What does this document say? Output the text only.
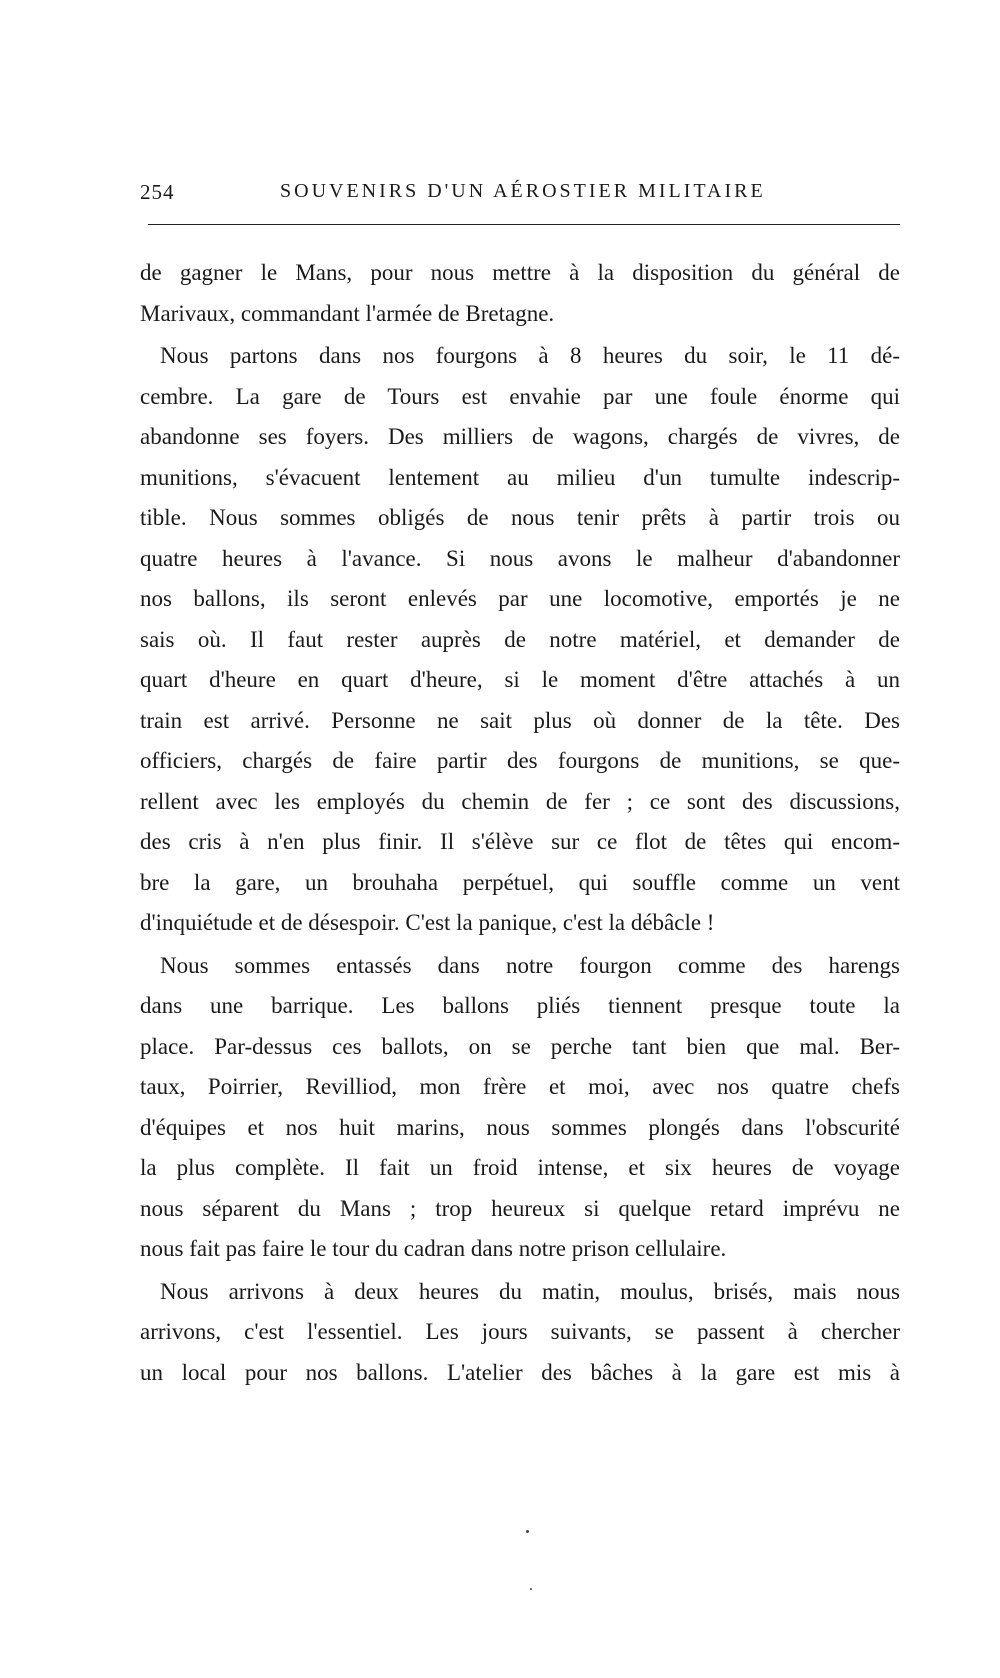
254	SOUVENIRS D'UN AÉROSTIER MILITAIRE
de gagner le Mans, pour nous mettre à la disposition du général de
Marivaux, commandant l'armée de Bretagne.
Nous partons dans nos fourgons à 8 heures du soir, le 11 dé-
cembre. La gare de Tours est envahie par une foule énorme qui
abandonne ses foyers. Des milliers de wagons, chargés de vivres, de
munitions, s'évacuent lentement au milieu d'un tumulte indescrip-
tible. Nous sommes obligés de nous tenir prêts à partir trois ou
quatre heures à l'avance. Si nous avons le malheur d'abandonner
nos ballons, ils seront enlevés par une locomotive, emportés je ne
sais où. Il faut rester auprès de notre matériel, et demander de
quart d'heure en quart d'heure, si le moment d'être attachés à un
train est arrivé. Personne ne sait plus où donner de la tête. Des
officiers, chargés de faire partir des fourgons de munitions, se que-
rellent avec les employés du chemin de fer ; ce sont des discussions,
des cris à n'en plus finir. Il s'élève sur ce flot de têtes qui encom-
bre la gare, un brouhaha perpétuel, qui souffle comme un vent
d'inquiétude et de désespoir. C'est la panique, c'est la débâcle !
Nous sommes entassés dans notre fourgon comme des harengs
dans une barrique. Les ballons pliés tiennent presque toute la
place. Par-dessus ces ballots, on se perche tant bien que mal. Ber-
taux, Poirrier, Revilliod, mon frère et moi, avec nos quatre chefs
d'équipes et nos huit marins, nous sommes plongés dans l'obscurité
la plus complète. Il fait un froid intense, et six heures de voyage
nous séparent du Mans ; trop heureux si quelque retard imprévu ne
nous fait pas faire le tour du cadran dans notre prison cellulaire.
Nous arrivons à deux heures du matin, moulus, brisés, mais nous
arrivons, c'est l'essentiel. Les jours suivants, se passent à chercher
un local pour nos ballons. L'atelier des bâches à la gare est mis à
